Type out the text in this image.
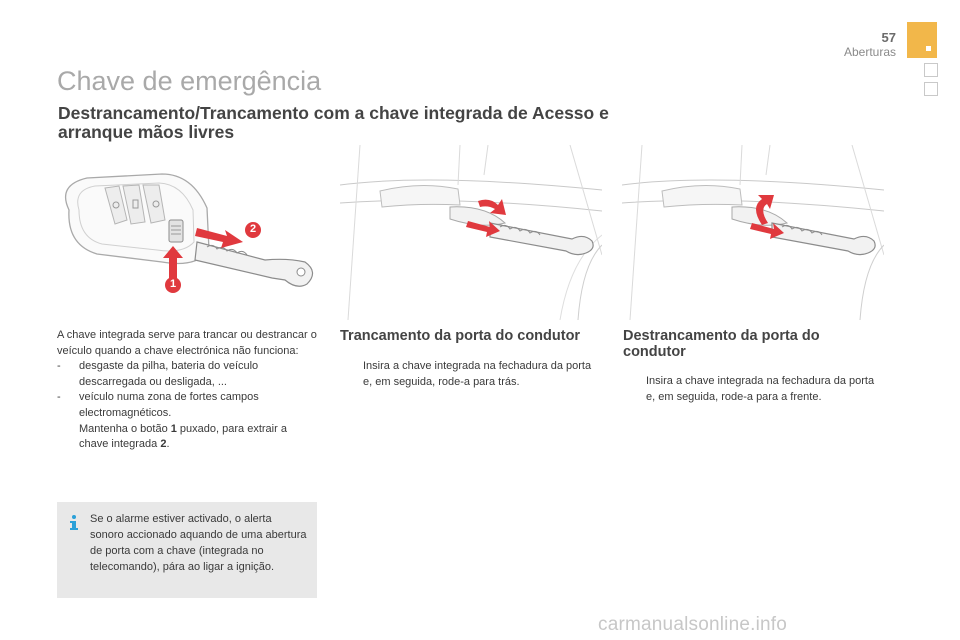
57
Aberturas
Chave de emergência
Destrancamento/Trancamento com a chave integrada de Acesso e arranque mãos livres
2
1

A chave integrada serve para trancar ou destrancar o veículo quando a chave electrónica não funciona:

-	desgaste da pilha, bateria do veículo descarregada ou desligada, ...
-	veículo numa zona de fortes campos electromagnéticos.
Mantenha o botão 1 puxado, para extrair a chave integrada 2.
Se o alarme estiver activado, o alerta sonoro accionado aquando de uma abertura de porta com a chave (integrada no telecomando), pára ao ligar a ignição.
Trancamento da porta do condutor
Insira a chave integrada na fechadura da porta e, em seguida, rode-a para trás.
Destrancamento da porta do condutor
Insira a chave integrada na fechadura da porta e, em seguida, rode-a para a frente.
carmanualsonline.info
